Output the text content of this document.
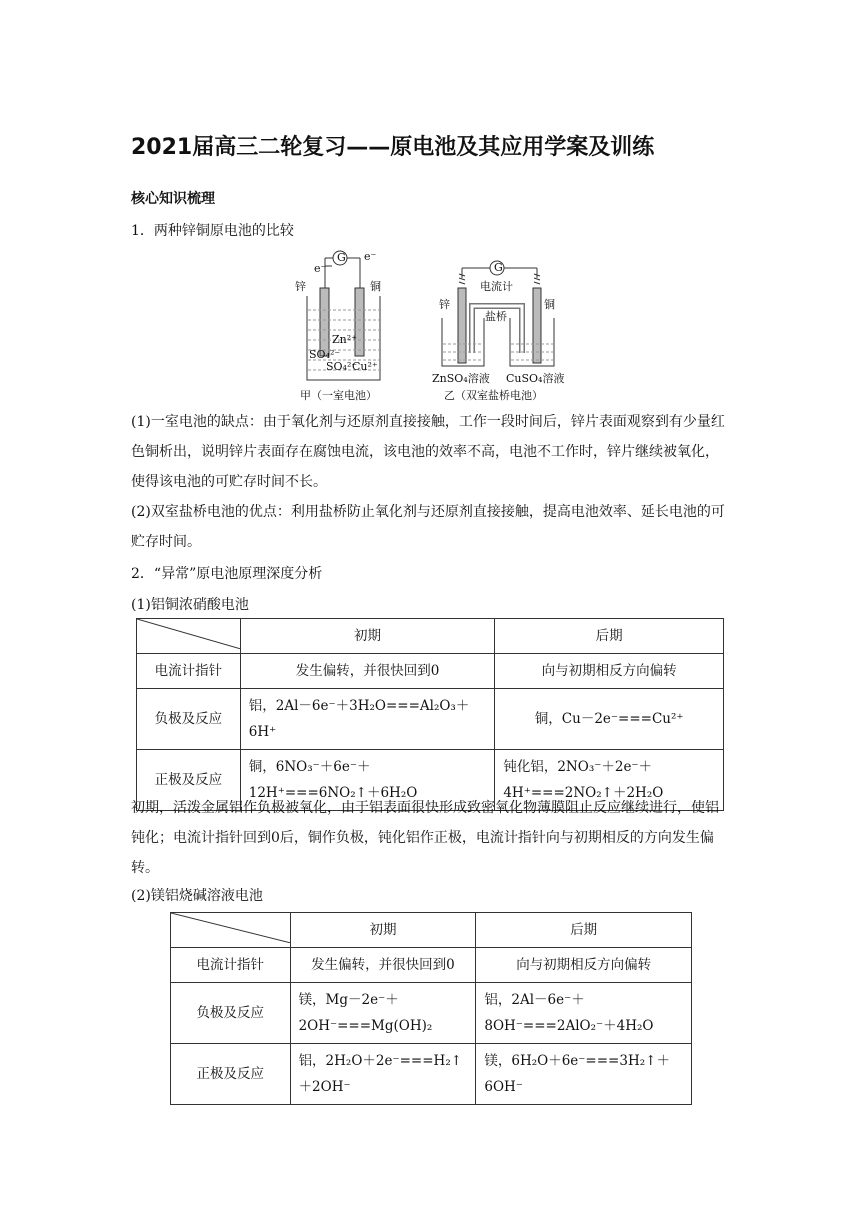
2021届高三二轮复习——原电池及其应用学案及训练
核心知识梳理
1．两种锌铜原电池的比较
G
e⁻
e⁻
锌	铜
Zn²⁺
SO₄²⁻
SO₄²⁻
Cu²⁺
甲（一室电池）
G
电流计
锌	铜
盐桥
ZnSO₄溶液 CuSO₄溶液
乙（双室盐桥电池）
(1)一室电池的缺点：由于氧化剂与还原剂直接接触，工作一段时间后，锌片表面观察到有少量红色铜析出，说明锌片表面存在腐蚀电流，该电池的效率不高，电池不工作时，锌片继续被氧化，使得该电池的可贮存时间不长。
(2)双室盐桥电池的优点：利用盐桥防止氧化剂与还原剂直接接触，提高电池效率、延长电池的可贮存时间。
2．“异常”原电池原理深度分析
(1)铝铜浓硝酸电池
	初期	后期
电流计指针	发生偏转，并很快回到0	向与初期相反方向偏转
负极及反应	铝，2Al－6e⁻＋3H₂O===Al₂O₃＋6H⁺	铜，Cu－2e⁻===Cu²⁺
正极及反应	铜，6NO₃⁻＋6e⁻＋12H⁺===6NO₂↑＋6H₂O	钝化铝，2NO₃⁻＋2e⁻＋4H⁺===2NO₂↑＋2H₂O
初期，活泼金属铝作负极被氧化，由于铝表面很快形成致密氧化物薄膜阻止反应继续进行，使铝钝化；电流计指针回到0后，铜作负极，钝化铝作正极，电流计指针向与初期相反的方向发生偏转。
(2)镁铝烧碱溶液电池
	初期	后期
电流计指针	发生偏转，并很快回到0	向与初期相反方向偏转
负极及反应	镁，Mg－2e⁻＋2OH⁻===Mg(OH)₂	铝，2Al－6e⁻＋8OH⁻===2AlO₂⁻＋4H₂O
正极及反应	铝，2H₂O＋2e⁻===H₂↑＋2OH⁻	镁，6H₂O＋6e⁻===3H₂↑＋6OH⁻
